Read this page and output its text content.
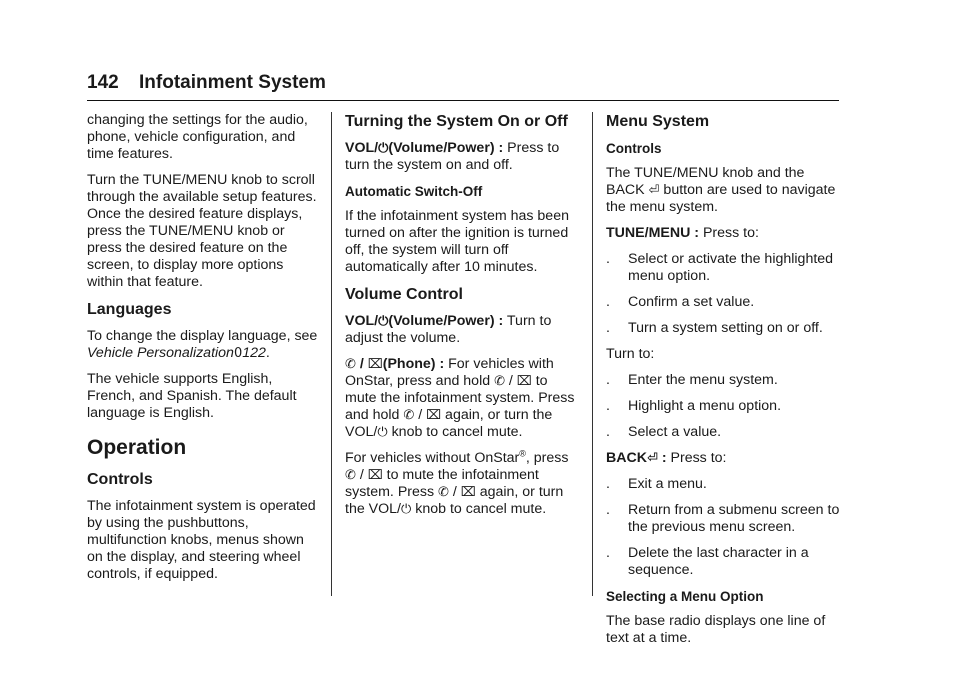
142 Infotainment System

changing the settings for the audio, phone, vehicle configuration, and time features.

Turn the TUNE/MENU knob to scroll through the available setup features. Once the desired feature displays, press the TUNE/MENU knob or press the desired feature on the screen, to display more options within that feature.

Languages

To change the display language, see Vehicle Personalization0122.

The vehicle supports English, French, and Spanish. The default language is English.

Operation
Controls

The infotainment system is operated by using the pushbuttons, multifunction knobs, menus shown on the display, and steering wheel controls, if equipped.

Turning the System On or Off

VOL/⏻(Volume/Power) : Press to turn the system on and off.

Automatic Switch-Off

If the infotainment system has been turned on after the ignition is turned off, the system will turn off automatically after 10 minutes.

Volume Control

VOL/⏻(Volume/Power) : Turn to adjust the volume.

✆ / ⌧(Phone) : For vehicles with OnStar, press and hold ✆ / ⌧ to mute the infotainment system. Press and hold ✆ / ⌧ again, or turn the VOL/⏻ knob to cancel mute.

For vehicles without OnStar®, press ✆ / ⌧ to mute the infotainment system. Press ✆ / ⌧ again, or turn the VOL/⏻ knob to cancel mute.

Menu System
Controls

The TUNE/MENU knob and the BACK ⏎ button are used to navigate the menu system.

TUNE/MENU : Press to:

.	Select or activate the highlighted menu option.
.	Confirm a set value.
.	Turn a system setting on or off.

Turn to:

.	Enter the menu system.
.	Highlight a menu option.
.	Select a value.

BACK⏎ : Press to:

.	Exit a menu.
.	Return from a submenu screen to the previous menu screen.
.	Delete the last character in a sequence.
Selecting a Menu Option

The base radio displays one line of text at a time.
